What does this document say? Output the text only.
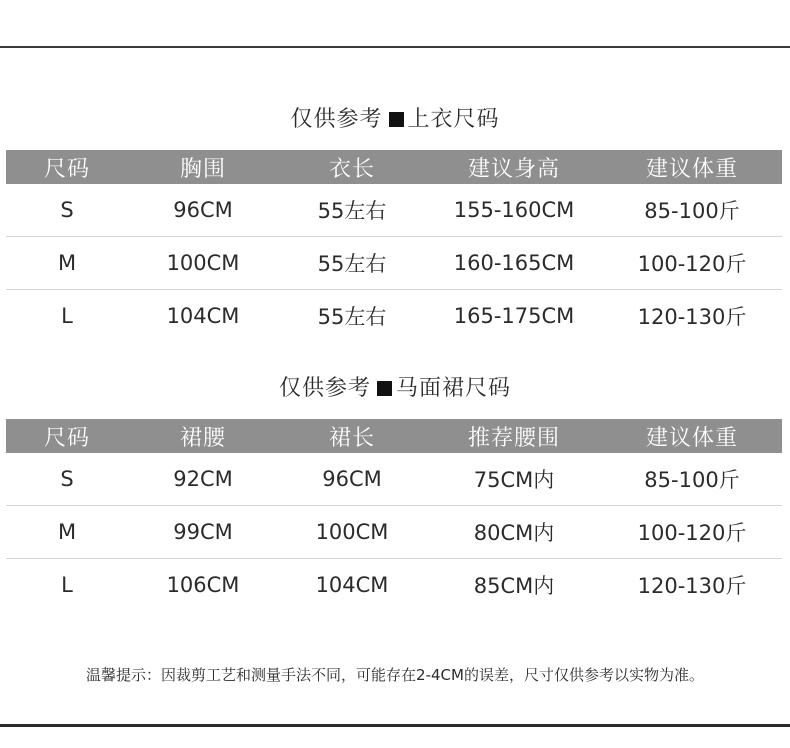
仅供参考 上衣尺码
尺码	胸围	衣长	建议身高	建议体重
S	96CM	55左右	155-160CM	85-100斤
M	100CM	55左右	160-165CM	100-120斤
L	104CM	55左右	165-175CM	120-130斤
仅供参考 马面裙尺码
尺码	裙腰	裙长	推荐腰围	建议体重
S	92CM	96CM	75CM内	85-100斤
M	99CM	100CM	80CM内	100-120斤
L	106CM	104CM	85CM内	120-130斤
温馨提示：因裁剪工艺和测量手法不同，可能存在2-4CM的误差，尺寸仅供参考以实物为准。
